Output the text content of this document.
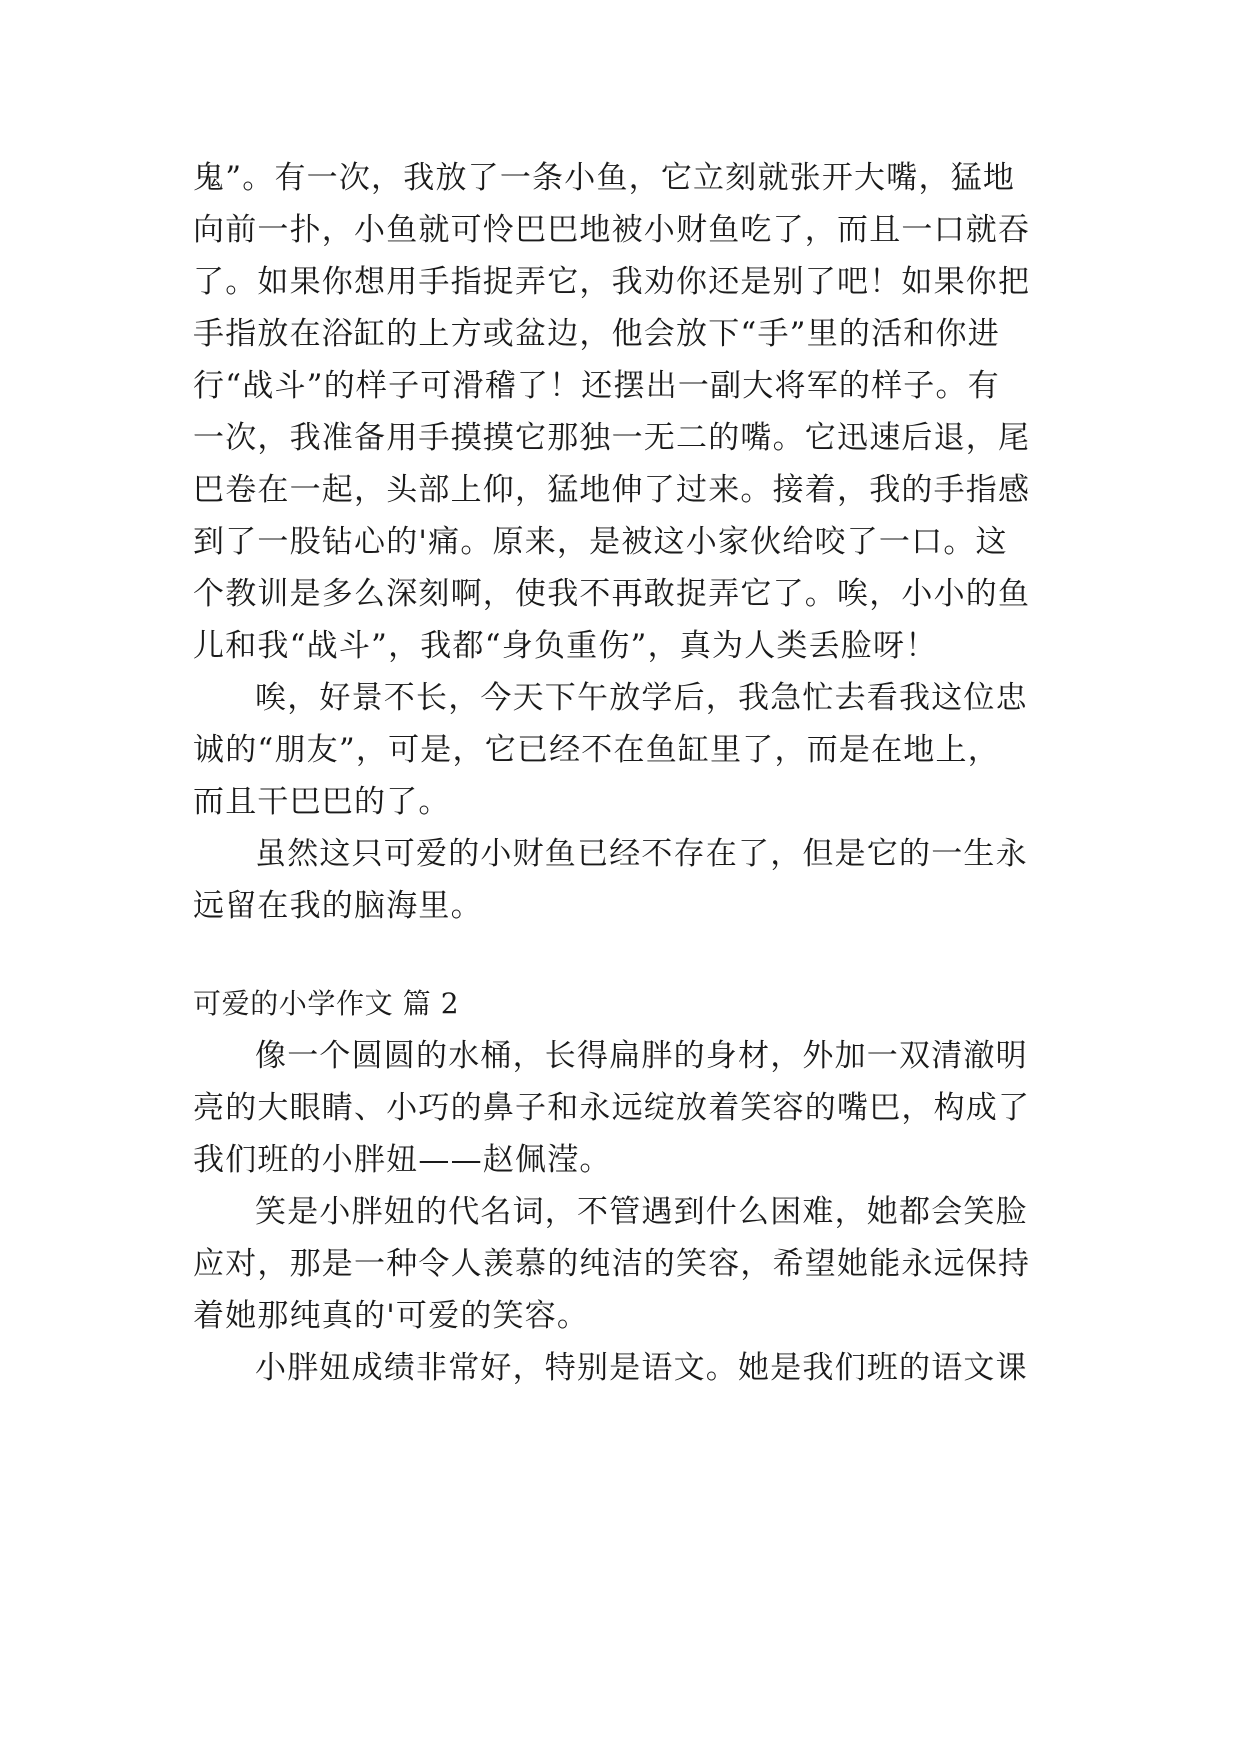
鬼”。有一次，我放了一条小鱼，它立刻就张开大嘴，猛地
向前一扑，小鱼就可怜巴巴地被小财鱼吃了，而且一口就吞
了。如果你想用手指捉弄它，我劝你还是别了吧！如果你把
手指放在浴缸的上方或盆边，他会放下“手”里的活和你进
行“战斗”的样子可滑稽了！还摆出一副大将军的样子。有
一次，我准备用手摸摸它那独一无二的嘴。它迅速后退，尾
巴卷在一起，头部上仰，猛地伸了过来。接着，我的手指感
到了一股钻心的'痛。原来，是被这小家伙给咬了一口。这
个教训是多么深刻啊，使我不再敢捉弄它了。唉，小小的鱼
儿和我“战斗”，我都“身负重伤”，真为人类丢脸呀！
唉，好景不长，今天下午放学后，我急忙去看我这位忠
诚的“朋友”，可是，它已经不在鱼缸里了，而是在地上，
而且干巴巴的了。
虽然这只可爱的小财鱼已经不存在了，但是它的一生永
远留在我的脑海里。
可爱的小学作文 篇 2
像一个圆圆的水桶，长得扁胖的身材，外加一双清澈明
亮的大眼睛、小巧的鼻子和永远绽放着笑容的嘴巴，构成了
我们班的小胖妞——赵佩滢。
笑是小胖妞的代名词，不管遇到什么困难，她都会笑脸
应对，那是一种令人羡慕的纯洁的笑容，希望她能永远保持
着她那纯真的'可爱的笑容。
小胖妞成绩非常好，特别是语文。她是我们班的语文课
